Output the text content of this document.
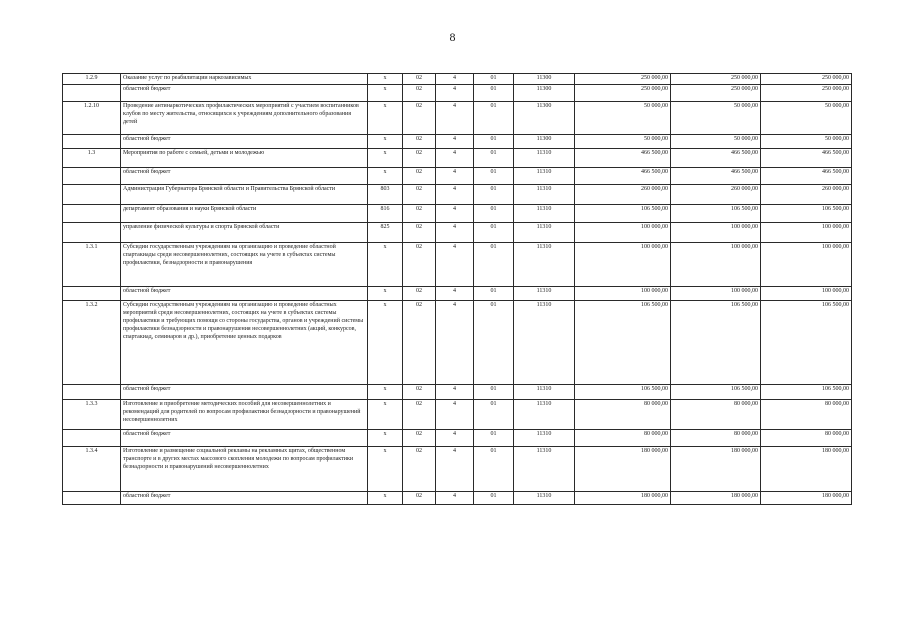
8
1.2.9	Оказание услуг по реабилитации наркозависимых	х	02	4	01	11300	250 000,00	250 000,00	250 000,00
	областной бюджет	х	02	4	01	11300	250 000,00	250 000,00	250 000,00
1.2.10	Проведение антинаркотических профилактических мероприятий с участием воспитанников клубов по месту жительства, относящихся к учреждениям дополнительного образования детей	х	02	4	01	11300	50 000,00	50 000,00	50 000,00
	областной бюджет	х	02	4	01	11300	50 000,00	50 000,00	50 000,00
1.3	Мероприятия по работе с семьей, детьми и молодежью	х	02	4	01	11310	466 500,00	466 500,00	466 500,00
	областной бюджет	х	02	4	01	11310	466 500,00	466 500,00	466 500,00
	Администрация Губернатора Брянской области и Правительства Брянской области	803	02	4	01	11310	260 000,00	260 000,00	260 000,00
	департамент образования и науки Брянской области	816	02	4	01	11310	106 500,00	106 500,00	106 500,00
	управление физической культуры и спорта Брянской области	825	02	4	01	11310	100 000,00	100 000,00	100 000,00
1.3.1	Субсидии государственным учреждениям на организацию и проведение областной спартакиады среди несовершеннолетних, состоящих на учете в субъектах системы профилактики, безнадзорности и правонарушения	х	02	4	01	11310	100 000,00	100 000,00	100 000,00
	областной бюджет	х	02	4	01	11310	100 000,00	100 000,00	100 000,00
1.3.2	Субсидии государственным учреждениям на организацию и проведение областных мероприятий среди несовершеннолетних, состоящих на учете в субъектах системы профилактики и требующих помощи со стороны государства, органов и учреждений системы профилактики безнадзорности и правонарушения несовершеннолетних (акций, конкурсов, спартакиад, семинаров и др.), приобретение ценных подарков	х	02	4	01	11310	106 500,00	106 500,00	106 500,00
	областной бюджет	х	02	4	01	11310	106 500,00	106 500,00	106 500,00
1.3.3	Изготовление и приобретение методических пособий для несовершеннолетних и рекомендаций для родителей по вопросам профилактики безнадзорности и правонарушений несовершеннолетних	х	02	4	01	11310	80 000,00	80 000,00	80 000,00
	областной бюджет	х	02	4	01	11310	80 000,00	80 000,00	80 000,00
1.3.4	Изготовление и размещение социальной рекламы на рекламных щитах, общественном транспорте и в других местах массового скопления молодежи по вопросам профилактики безнадзорности и правонарушений несовершеннолетних	х	02	4	01	11310	180 000,00	180 000,00	180 000,00
	областной бюджет	х	02	4	01	11310	180 000,00	180 000,00	180 000,00
